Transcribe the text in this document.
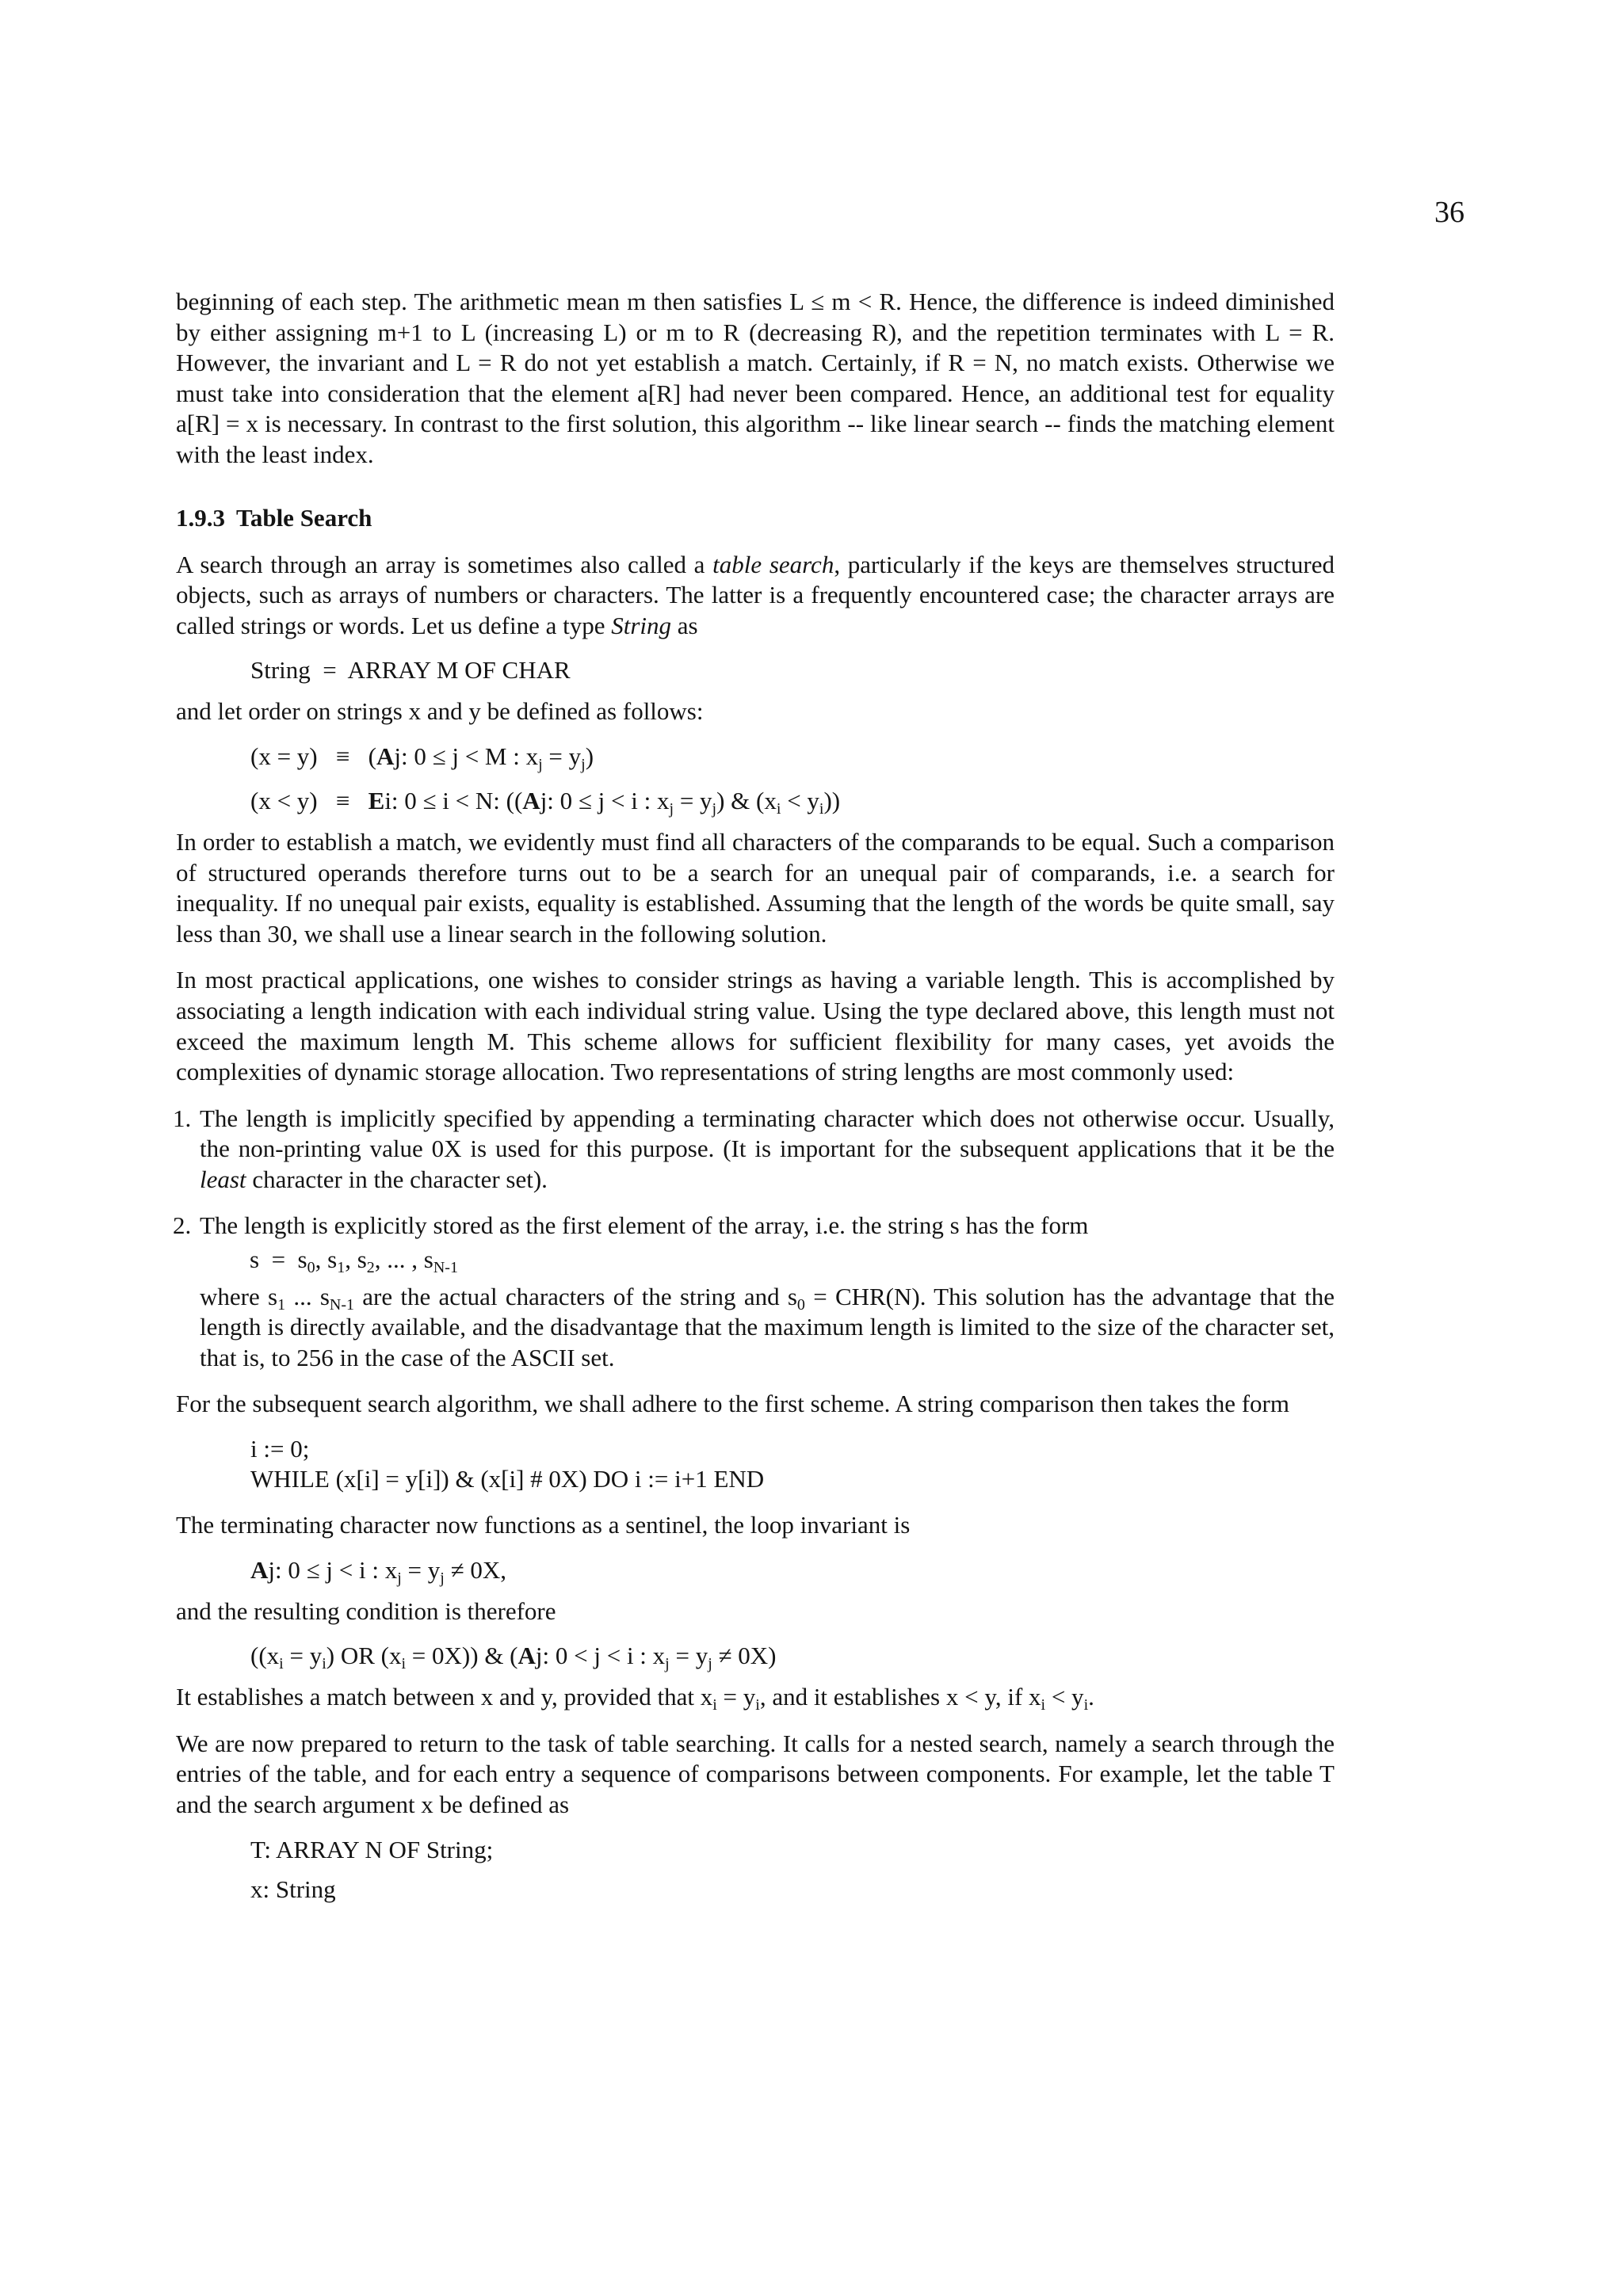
36

beginning of each step. The arithmetic mean m then satisfies L ≤ m < R. Hence, the difference is indeed diminished by either assigning m+1 to L (increasing L) or m to R (decreasing R), and the repetition terminates with L = R. However, the invariant and L = R do not yet establish a match. Certainly, if R = N, no match exists. Otherwise we must take into consideration that the element a[R] had never been compared. Hence, an additional test for equality a[R] = x is necessary. In contrast to the first solution, this algorithm -- like linear search -- finds the matching element with the least index.

1.9.3 Table Search

A search through an array is sometimes also called a table search, particularly if the keys are themselves structured objects, such as arrays of numbers or characters. The latter is a frequently encountered case; the character arrays are called strings or words. Let us define a type String as

String  =  ARRAY M OF CHAR

and let order on strings x and y be defined as follows:

(x = y) ≡ (Aj: 0 ≤ j < M : $x_j = y_j$)
(x < y) ≡ Ei: 0 ≤ i < N: ((Aj: 0 ≤ j < i : $x_j = y_j$) & $(x_i < y_i)$)

In order to establish a match, we evidently must find all characters of the comparands to be equal. Such a comparison of structured operands therefore turns out to be a search for an unequal pair of comparands, i.e. a search for inequality. If no unequal pair exists, equality is established. Assuming that the length of the words be quite small, say less than 30, we shall use a linear search in the following solution.

In most practical applications, one wishes to consider strings as having a variable length. This is accomplished by associating a length indication with each individual string value. Using the type declared above, this length must not exceed the maximum length M. This scheme allows for sufficient flexibility for many cases, yet avoids the complexities of dynamic storage allocation. Two representations of string lengths are most commonly used:

1. The length is implicitly specified by appending a terminating character which does not otherwise occur. Usually, the non-printing value 0X is used for this purpose. (It is important for the subsequent applications that it be the least character in the character set).

2. The length is explicitly stored as the first element of the array, i.e. the string s has the form

$s = s_0$, $s_1$, $s_2$, ... , $s_{N-1}$

where $s_1$ ... $s_{N-1}$ are the actual characters of the string and $s_0 = CHR(N)$. This solution has the advantage that the length is directly available, and the disadvantage that the maximum length is limited to the size of the character set, that is, to 256 in the case of the ASCII set.

For the subsequent search algorithm, we shall adhere to the first scheme. A string comparison then takes the form

i := 0;
WHILE (x[i] = y[i]) & (x[i] # 0X) DO i := i+1 END

The terminating character now functions as a sentinel, the loop invariant is

Aj: 0 ≤ j < i : $x_j = y_j \ne 0X$,

and the resulting condition is therefore

($(x_i = y_i)$ OR $(x_i = 0X)$) & (Aj: 0 < j < i : $x_j = y_j \ne 0X$)

It establishes a match between x and y, provided that $x_i = y_i$, and it establishes x < y, if $x_i < y_i$.

We are now prepared to return to the task of table searching. It calls for a nested search, namely a search through the entries of the table, and for each entry a sequence of comparisons between components. For example, let the table T and the search argument x be defined as

T: ARRAY N OF String;
x: String
